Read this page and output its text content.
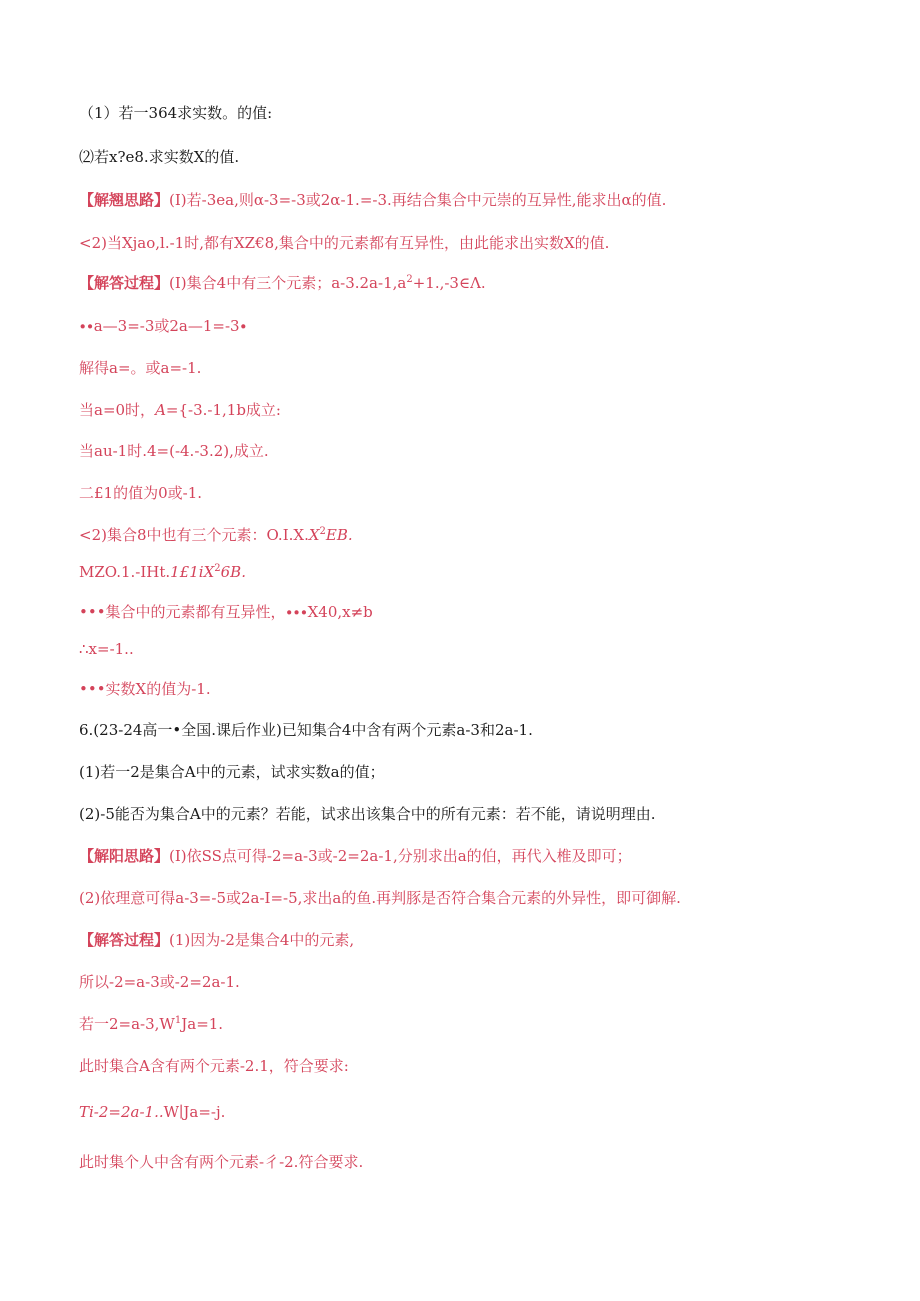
（1）若一364求实数。的值:
⑵若x?e8.求实数X的值.
【解翘思路】(I)若-3ea,则α-3=-3或2α-1.=-3.再结合集合中元崇的互异性,能求出α的值.
<2)当Xjao,l.-1时,都有XZ€8,集合中的元素都有互异性，由此能求出实数X的值.
【解答过程】(I)集合4中有三个元素；$a-3.2a-1,a^2+1.,-3\in\Lambda$.
∙∙a—3=-3或2a—1=-3∙
解得a=。或a=-1.
当a=0时，A={-3.-1,1b成立:
当au-1时.4=(-4.-3.2),成立.
二£1的值为0或-1.
<2)集合8中也有三个元素：$O.I.X.X^2EB$.
$MZO.1.-IHt.1£1iX^26B$.
•••集合中的元素都有互异性，∙∙∙X40,x≠b
∴x=-1..
•••实数X的值为-1.
6.(23-24高一•全国.课后作业)已知集合4中含有两个元素a-3和2a-1.
(1)若一2是集合A中的元素，试求实数a的值；
(2)-5能否为集合A中的元素？若能，试求出该集合中的所有元素：若不能，请说明理由.
【解阳思路】(I)依SS点可得-2=a-3或-2=2a-1,分别求出a的伯，再代入椎及即可；
(2)依理意可得a-3=-5或2a-I=-5,求出a的鱼.再判豚是否符合集合元素的外异性，即可御解.
【解答过程】(1)因为-2是集合4中的元素,
所以-2=a-3或-2=2a-1.
若一$2=a-3,W^1Ja=1$.
此时集合A含有两个元素-2.1，符合要求:
Ti-2=2a-1..W∣Ja=-j.
此时集个人中含有两个元素-彳-2.符合要求.
